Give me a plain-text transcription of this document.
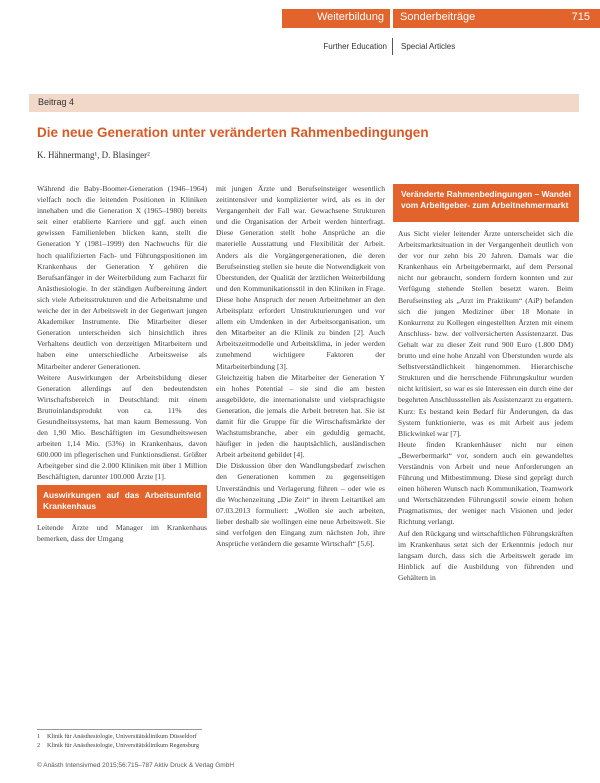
Weiterbildung Sonderbeiträge	715
Further Education Special Articles
Beitrag 4
Die neue Generation unter veränderten Rahmenbedingungen
K. Hähnermang¹, D. Blasinger²

Während die Baby-Boomer-Generation (1946–1964) vielfach noch die leitenden Positionen in Kliniken innehaben und die Generation X (1965–1980) bereits seit einer etablierte Karriere und ggf. auch einen gewissen Familienleben blicken kann, stellt die Generation Y (1981–1999) den Nachwuchs für die hoch qualifizierten Fach- und Führungspositionen im Krankenhaus der Generation Y gehören die Berufsanfänger in der Weiterbildung zum Facharzt für Anästhesiologie. In der ständigen Aufbereitung ändert sich viele Arbeitsstrukturen und die Arbeitsnahme und weiche der in der Arbeitswelt in der Gegenwart jungen Akademiker Instrumente. Die Mitarbeiter dieser Generation unterscheiden sich hinsichtlich ihres Verhaltens deutlich von derzeitigen Mitarbeitern und haben eine unterschiedliche Arbeitsweise als Mitarbeiter anderer Generationen.

Weitere Auswirkungen der Arbeitsbildung dieser Generation allerdings auf den bedeutendsten Wirtschaftsbereich in Deutschland: mit einem Bruttoinlandsprodukt von ca. 11% des Gesundheitssystems, hat man kaum Bemessung. Von den 1,90 Mio. Beschäftigten im Gesundheitswesen arbeiten 1,14 Mio. (53%) in Krankenhaus, davon 600.000 im pflegerischen und Funktionsdienst. Größter Arbeitgeber sind die 2.000 Kliniken mit über 1 Million Beschäftigten, darunter 100.000 Ärzte [1].

Auswirkungen auf das Arbeitsumfeld Krankenhaus

Leitende Ärzte und Manager im Krankenhaus bemerken, dass der Umgang

mit jungen Ärzte und Berufseinsteiger wesentlich zeitintensiver und komplizierter wird, als es in der Vergangenheit der Fall war. Gewachsene Strukturen und die Organisation der Arbeit werden hinterfragt. Diese Generation stellt hohe Ansprüche an die materielle Ausstattung und Flexibilität der Arbeit. Anders als die Vorgängergenerationen, die deren Berufseinstieg stellen sie heute die Notwendigkeit von Überstunden, der Qualität der ärztlichen Weiterbildung und den Kommunikationsstil in den Kliniken in Frage. Diese hohe Anspruch der neuen Arbeitnehmer an den Arbeitsplatz erfordert Umstrukturierungen und vor allem ein Umdenken in der Arbeitsorganisation, um den Mitarbeiter an die Klinik zu binden [2]. Auch Arbeitszeitmodelle und Arbeitsklima, in jeder werden zunehmend wichtigere Faktoren der Mitarbeiterbindung [3].

Gleichzeitig haben die Mitarbeiter der Generation Y ein hohes Potential – sie sind die am besten ausgebildete, die internationalste und vielsprachigste Generation, die jemals die Arbeit betreten hat. Sie ist damit für die Gruppe für die Wirtschaftsmärkte der Wachstumsbranche, aber ein geduldig gemacht, häufiger in jeden die hauptsächlich, ausländischen Arbeit arbeitend gebildet [4].

Die Diskussion über den Wandlungsbedarf zwischen den Generationen kommen zu gegenseitigen Unverständnis und Verlagerung führen – oder wie es die Wochenzeitung „Die Zeit“ in ihrem Leitartikel am 07.03.2013 formuliert: „Wollen sie auch arbeiten, lieber deshalb sie wollingen eine neue Arbeitswelt. Sie sind verfolgen den Eingang zum nächsten Job, ihre Ansprüche verändern die gesamte Wirtschaft“ [5,6].

Veränderte Rahmenbedingungen – Wandel vom Arbeitgeber- zum Arbeitnehmermarkt

Aus Sicht vieler leitender Ärzte unterscheidet sich die Arbeitsmarktsituation in der Vergangenheit deutlich von der vor nur zehn bis 20 Jahren. Damals war die Krankenhaus ein Arbeitgebermarkt, auf dem Personal nicht nur gebraucht, sondern fordern konnten und zur Verfügung stehende Stellen besetzt waren. Beim Berufseinstieg als „Arzt im Praktikum“ (AiP) befanden sich die jungen Mediziner über 18 Monate in Konkurrenz zu Kollegen eingestellten Ärzten mit einem Anschluss- bzw. der vollversicherten Assistenzarzt. Das Gehalt war zu dieser Zeit rund 900 Euro (1.800 DM) brutto und eine hohe Anzahl von Überstunden wurde als Selbstverständlichkeit hingenommen. Hierarchische Strukturen und die herrschende Führungskultur wurden nicht kritisiert, so war es sie Interessen ein durch eine der begehrten Anschlussstellen als Assistenzarzt zu ergattern. Kurz: Es bestand kein Bedarf für Änderungen, da das System funktionierte, was es mit Arbeit aus jedem Blickwinkel war [7].

Heute finden Krankenhäuser nicht nur einen „Bewerbermarkt“ vor, sondern auch ein gewandeltes Verständnis von Arbeit und neue Anforderungen an Führung und Mitbestimmung. Diese sind geprägt durch einen höheren Wunsch nach Kommunikation, Teamwork und Wertschätzenden Führungsstil sowie einem hohen Pragmatismus, der weniger nach Visionen und jeder Richtung verlangt.

Auf den Rückgang und wirtschaftlichen Führungskräften im Krankenhaus setzt sich der Erkenntnis jedoch nur langsam durch, dass sich die Arbeitswelt gerade im Hinblick auf die Ausbildung von führenden und Gehältern in

1	Klinik für Anästhesiologie, Universitätsklinikum Düsseldorf
2	Klinik für Anästhesiologie, Universitätsklinikum Regensburg
© Anästh Intensivmed 2015;56:715–787 Aktiv Druck & Verlag GmbH
